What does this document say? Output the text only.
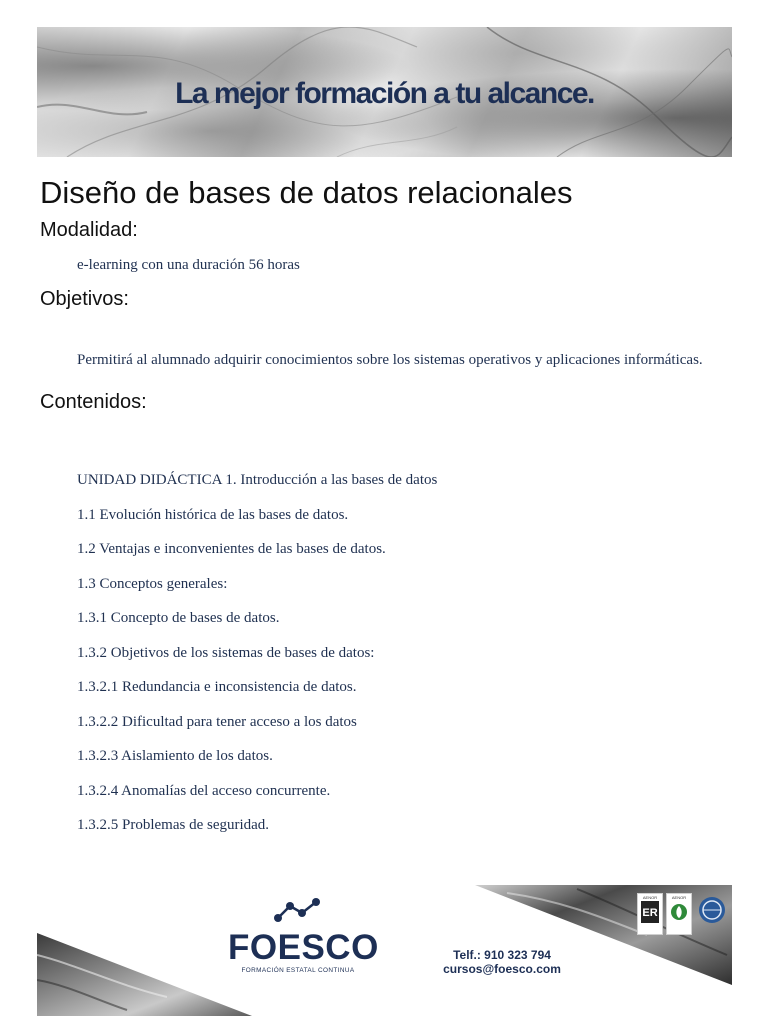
La mejor formación a tu alcance.
Diseño de bases de datos relacionales
Modalidad:

e-learning con una duración 56 horas

Objetivos:

Permitirá al alumnado adquirir conocimientos sobre los sistemas operativos y aplicaciones informáticas.

Contenidos:
UNIDAD DIDÁCTICA 1. Introducción a las bases de datos
1.1 Evolución histórica de las bases de datos.
1.2 Ventajas e inconvenientes de las bases de datos.
1.3 Conceptos generales:
1.3.1 Concepto de bases de datos.
1.3.2 Objetivos de los sistemas de bases de datos:
1.3.2.1 Redundancia e inconsistencia de datos.
1.3.2.2 Dificultad para tener acceso a los datos
1.3.2.3 Aislamiento de los datos.
1.3.2.4 Anomalías del acceso concurrente.
1.3.2.5 Problemas de seguridad.
FOESCO
FORMACIÓN ESTATAL CONTINUA
Telf.: 910 323 794
cursos@foesco.com
AENOR
ER
AENOR
